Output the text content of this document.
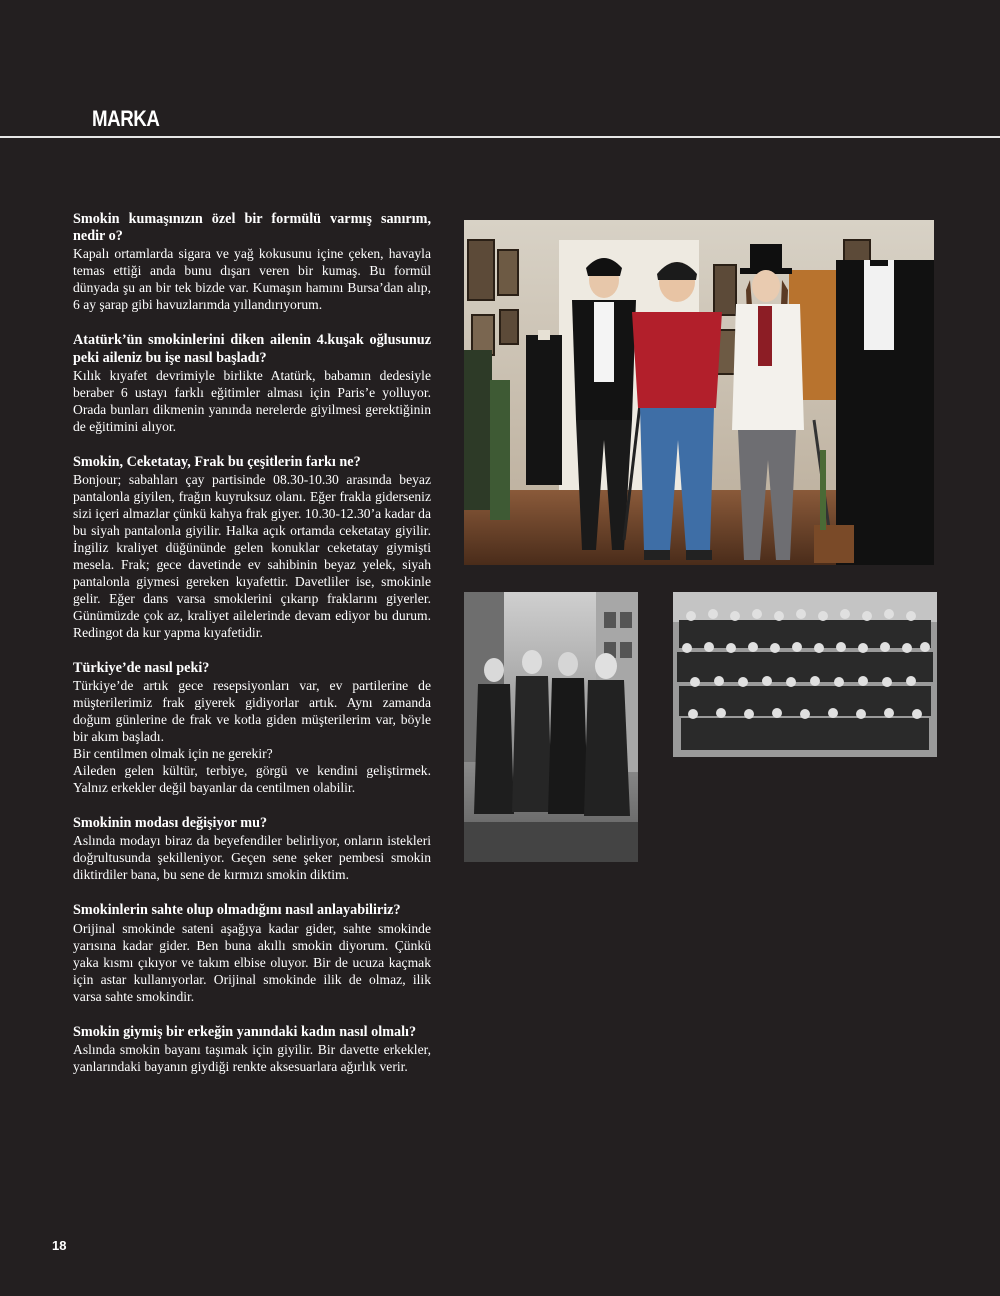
MARKA

Smokin kumaşınızın özel bir formülü varmış sanırım, nedir o?

Kapalı ortamlarda sigara ve yağ kokusunu içine çeken, havayla temas ettiği anda bunu dışarı veren bir kumaş. Bu formül dünyada şu an bir tek bizde var. Kumaşın hamını Bursa’dan alıp, 6 ay şarap gibi havuzlarımda yıllandırıyorum.

Atatürk’ün smokinlerini diken ailenin 4.kuşak oğlusunuz peki aileniz bu işe nasıl başladı?

Kılık kıyafet devrimiyle birlikte Atatürk, babamın dedesiyle beraber 6 ustayı farklı eğitimler alması için Paris’e yolluyor. Orada bunları dikmenin yanında nerelerde giyilmesi gerektiğinin de eğitimini alıyor.

Smokin, Ceketatay, Frak bu çeşitlerin farkı ne?

Bonjour; sabahları çay partisinde 08.30-10.30 arasında beyaz pantalonla giyilen, frağın kuyruksuz olanı. Eğer frakla giderseniz sizi içeri almazlar çünkü kahya frak giyer. 10.30-12.30’a kadar da bu siyah pantalonla giyilir. Halka açık ortamda ceketatay giyilir. İngiliz kraliyet düğününde gelen konuklar ceketatay giymişti mesela. Frak; gece davetinde ev sahibinin beyaz yelek, siyah pantalonla giymesi gereken kıyafettir. Davetliler ise, smokinle gelir. Eğer dans varsa smoklerini çıkarıp fraklarını giyerler. Günümüzde çok az, kraliyet ailelerinde devam ediyor bu durum. Redingot da kur yapma kıyafetidir.

Türkiye’de nasıl peki?

Türkiye’de artık gece resepsiyonları var, ev partilerine de müşterilerimiz frak giyerek gidiyorlar artık. Aynı zamanda doğum günlerine de frak ve kotla giden müşterilerim var, böyle bir akım başladı.
Bir centilmen olmak için ne gerekir?
Aileden gelen kültür, terbiye, görgü ve kendini geliştirmek. Yalnız erkekler değil bayanlar da centilmen olabilir.

Smokinin modası değişiyor mu?

Aslında modayı biraz da beyefendiler belirliyor, onların istekleri doğrultusunda şekilleniyor. Geçen sene şeker pembesi smokin diktirdiler bana, bu sene de kırmızı smokin diktim.

Smokinlerin sahte olup olmadığını nasıl anlayabiliriz?

Orijinal smokinde sateni aşağıya kadar gider, sahte smokinde yarısına kadar gider. Ben buna akıllı smokin diyorum. Çünkü yaka kısmı çıkıyor ve takım elbise oluyor. Bir de ucuza kaçmak için astar kullanıyorlar. Orijinal smokinde ilik de olmaz, ilik varsa sahte smokindir.

Smokin giymiş bir erkeğin yanındaki kadın nasıl olmalı?

Aslında smokin bayanı taşımak için giyilir. Bir davette erkekler, yanlarındaki bayanın giydiği renkte aksesuarlara ağırlık verir.

18
